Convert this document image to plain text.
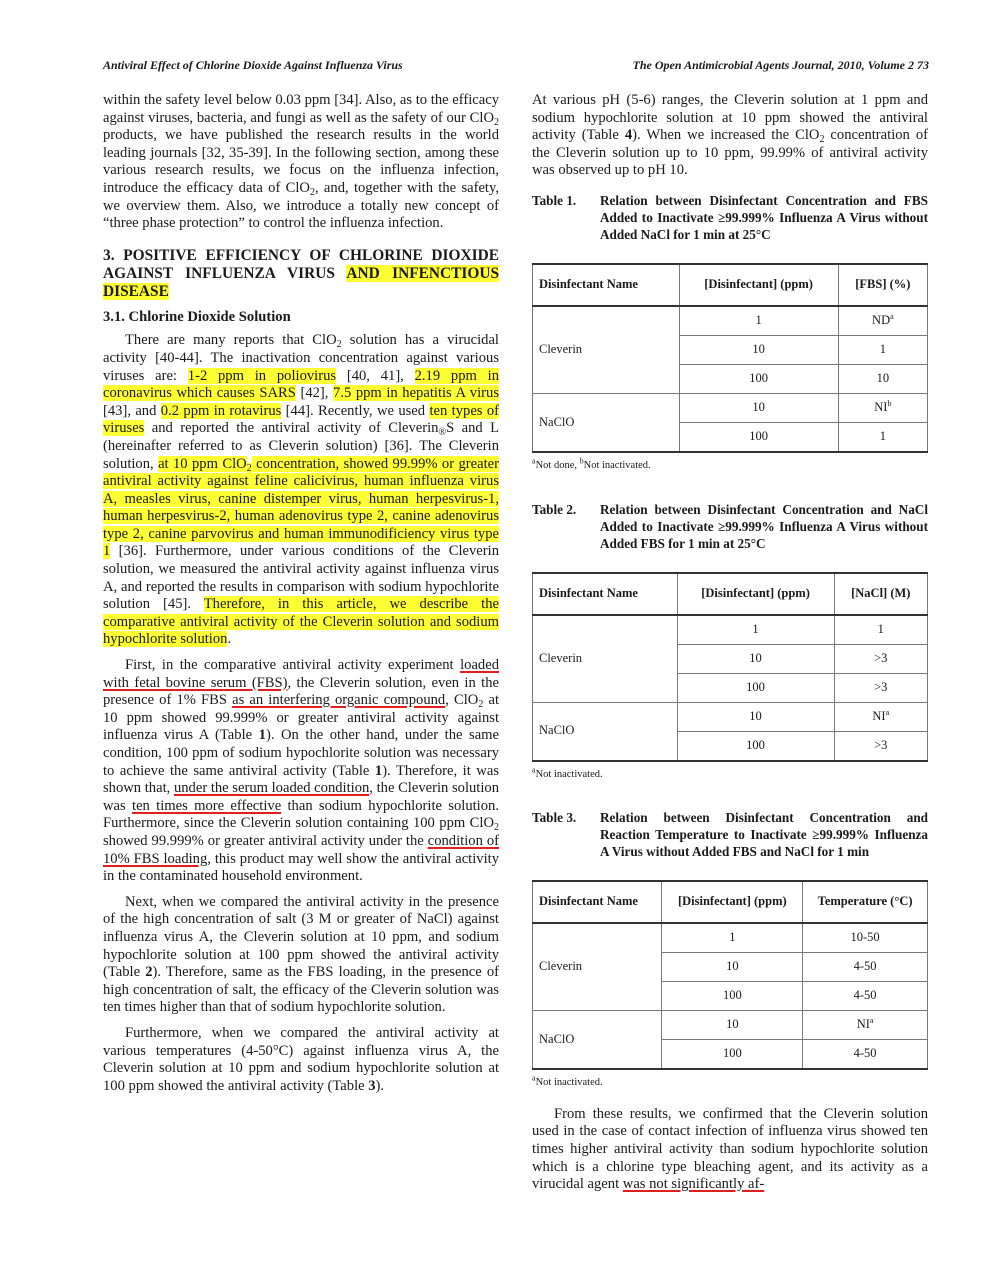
Antiviral Effect of Chlorine Dioxide Against Influenza Virus	The Open Antimicrobial Agents Journal, 2010, Volume 2 73

within the safety level below 0.03 ppm [34]. Also, as to the efficacy against viruses, bacteria, and fungi as well as the safety of our ClO$_2$ products, we have published the research results in the world leading journals [32, 35-39]. In the following section, among these various research results, we focus on the influenza infection, introduce the efficacy data of ClO$_2$, and, together with the safety, we overview them. Also, we introduce a totally new concept of “three phase protection” to control the influenza infection.

3. POSITIVE EFFICIENCY OF CHLORINE DIOXIDE AGAINST INFLUENZA VIRUS AND INFENCTIOUS DISEASE
3.1. Chlorine Dioxide Solution

There are many reports that ClO$_2$ solution has a virucidal activity [40-44]. The inactivation concentration against various viruses are: 1-2 ppm in poliovirus [40, 41], 2.19 ppm in coronavirus which causes SARS [42], 7.5 ppm in hepatitis A virus [43], and 0.2 ppm in rotavirus [44]. Recently, we used ten types of viruses and reported the antiviral activity of Cleverin$_®$S and L (hereinafter referred to as Cleverin solution) [36]. The Cleverin solution, at 10 ppm ClO$_2$ concentration, showed 99.99% or greater antiviral activity against feline calicivirus, human influenza virus A, measles virus, canine distemper virus, human herpesvirus-1, human herpesvirus-2, human adenovirus type 2, canine adenovirus type 2, canine parvovirus and human immunodificiency virus type 1 [36]. Furthermore, under various conditions of the Cleverin solution, we measured the antiviral activity against influenza virus A, and reported the results in comparison with sodium hypochlorite solution [45]. Therefore, in this article, we describe the comparative antiviral activity of the Cleverin solution and sodium hypochlorite solution.

First, in the comparative antiviral activity experiment loaded with fetal bovine serum (FBS), the Cleverin solution, even in the presence of 1% FBS as an interfering organic compound, ClO$_2$ at 10 ppm showed 99.999% or greater antiviral activity against influenza virus A (Table 1). On the other hand, under the same condition, 100 ppm of sodium hypochlorite solution was necessary to achieve the same antiviral activity (Table 1). Therefore, it was shown that, under the serum loaded condition, the Cleverin solution was ten times more effective than sodium hypochlorite solution. Furthermore, since the Cleverin solution containing 100 ppm ClO$_2$ showed 99.999% or greater antiviral activity under the condition of 10% FBS loading, this product may well show the antiviral activity in the contaminated household environment.

Next, when we compared the antiviral activity in the presence of the high concentration of salt (3 M or greater of NaCl) against influenza virus A, the Cleverin solution at 10 ppm, and sodium hypochlorite solution at 100 ppm showed the antiviral activity (Table 2). Therefore, same as the FBS loading, in the presence of high concentration of salt, the efficacy of the Cleverin solution was ten times higher than that of sodium hypochlorite solution.

Furthermore, when we compared the antiviral activity at various temperatures (4-50°C) against influenza virus A, the Cleverin solution at 10 ppm and sodium hypochlorite solution at 100 ppm showed the antiviral activity (Table 3).

At various pH (5-6) ranges, the Cleverin solution at 1 ppm and sodium hypochlorite solution at 10 ppm showed the antiviral activity (Table 4). When we increased the ClO$_2$ concentration of the Cleverin solution up to 10 ppm, 99.99% of antiviral activity was observed up to pH 10.

Table 1.	Relation between Disinfectant Concentration and FBS Added to Inactivate ≥99.999% Influenza A Virus without Added NaCl for 1 min at 25°C
Disinfectant Name	[Disinfectant] (ppm)	[FBS] (%)
Cleverin	1	$ND^a$
	10	1
	100	10
NaClO	10	$NI^b$
	100	1
$^a$Not done, $^b$Not inactivated.
Table 2.	Relation between Disinfectant Concentration and NaCl Added to Inactivate ≥99.999% Influenza A Virus without Added FBS for 1 min at 25°C
Disinfectant Name	[Disinfectant] (ppm)	[NaCl] (M)
Cleverin	1	1
	10	>3
	100	>3
NaClO	10	$NI^a$
	100	>3
$^a$Not inactivated.
Table 3.	Relation between Disinfectant Concentration and Reaction Temperature to Inactivate ≥99.999% Influenza A Virus without Added FBS and NaCl for 1 min
Disinfectant Name	[Disinfectant] (ppm)	Temperature (°C)
Cleverin	1	10-50
	10	4-50
	100	4-50
NaClO	10	$NI^a$
	100	4-50
$^a$Not inactivated.

From these results, we confirmed that the Cleverin solution used in the case of contact infection of influenza virus showed ten times higher antiviral activity than sodium hypochlorite solution which is a chlorine type bleaching agent, and its activity as a virucidal agent was not significantly af-
